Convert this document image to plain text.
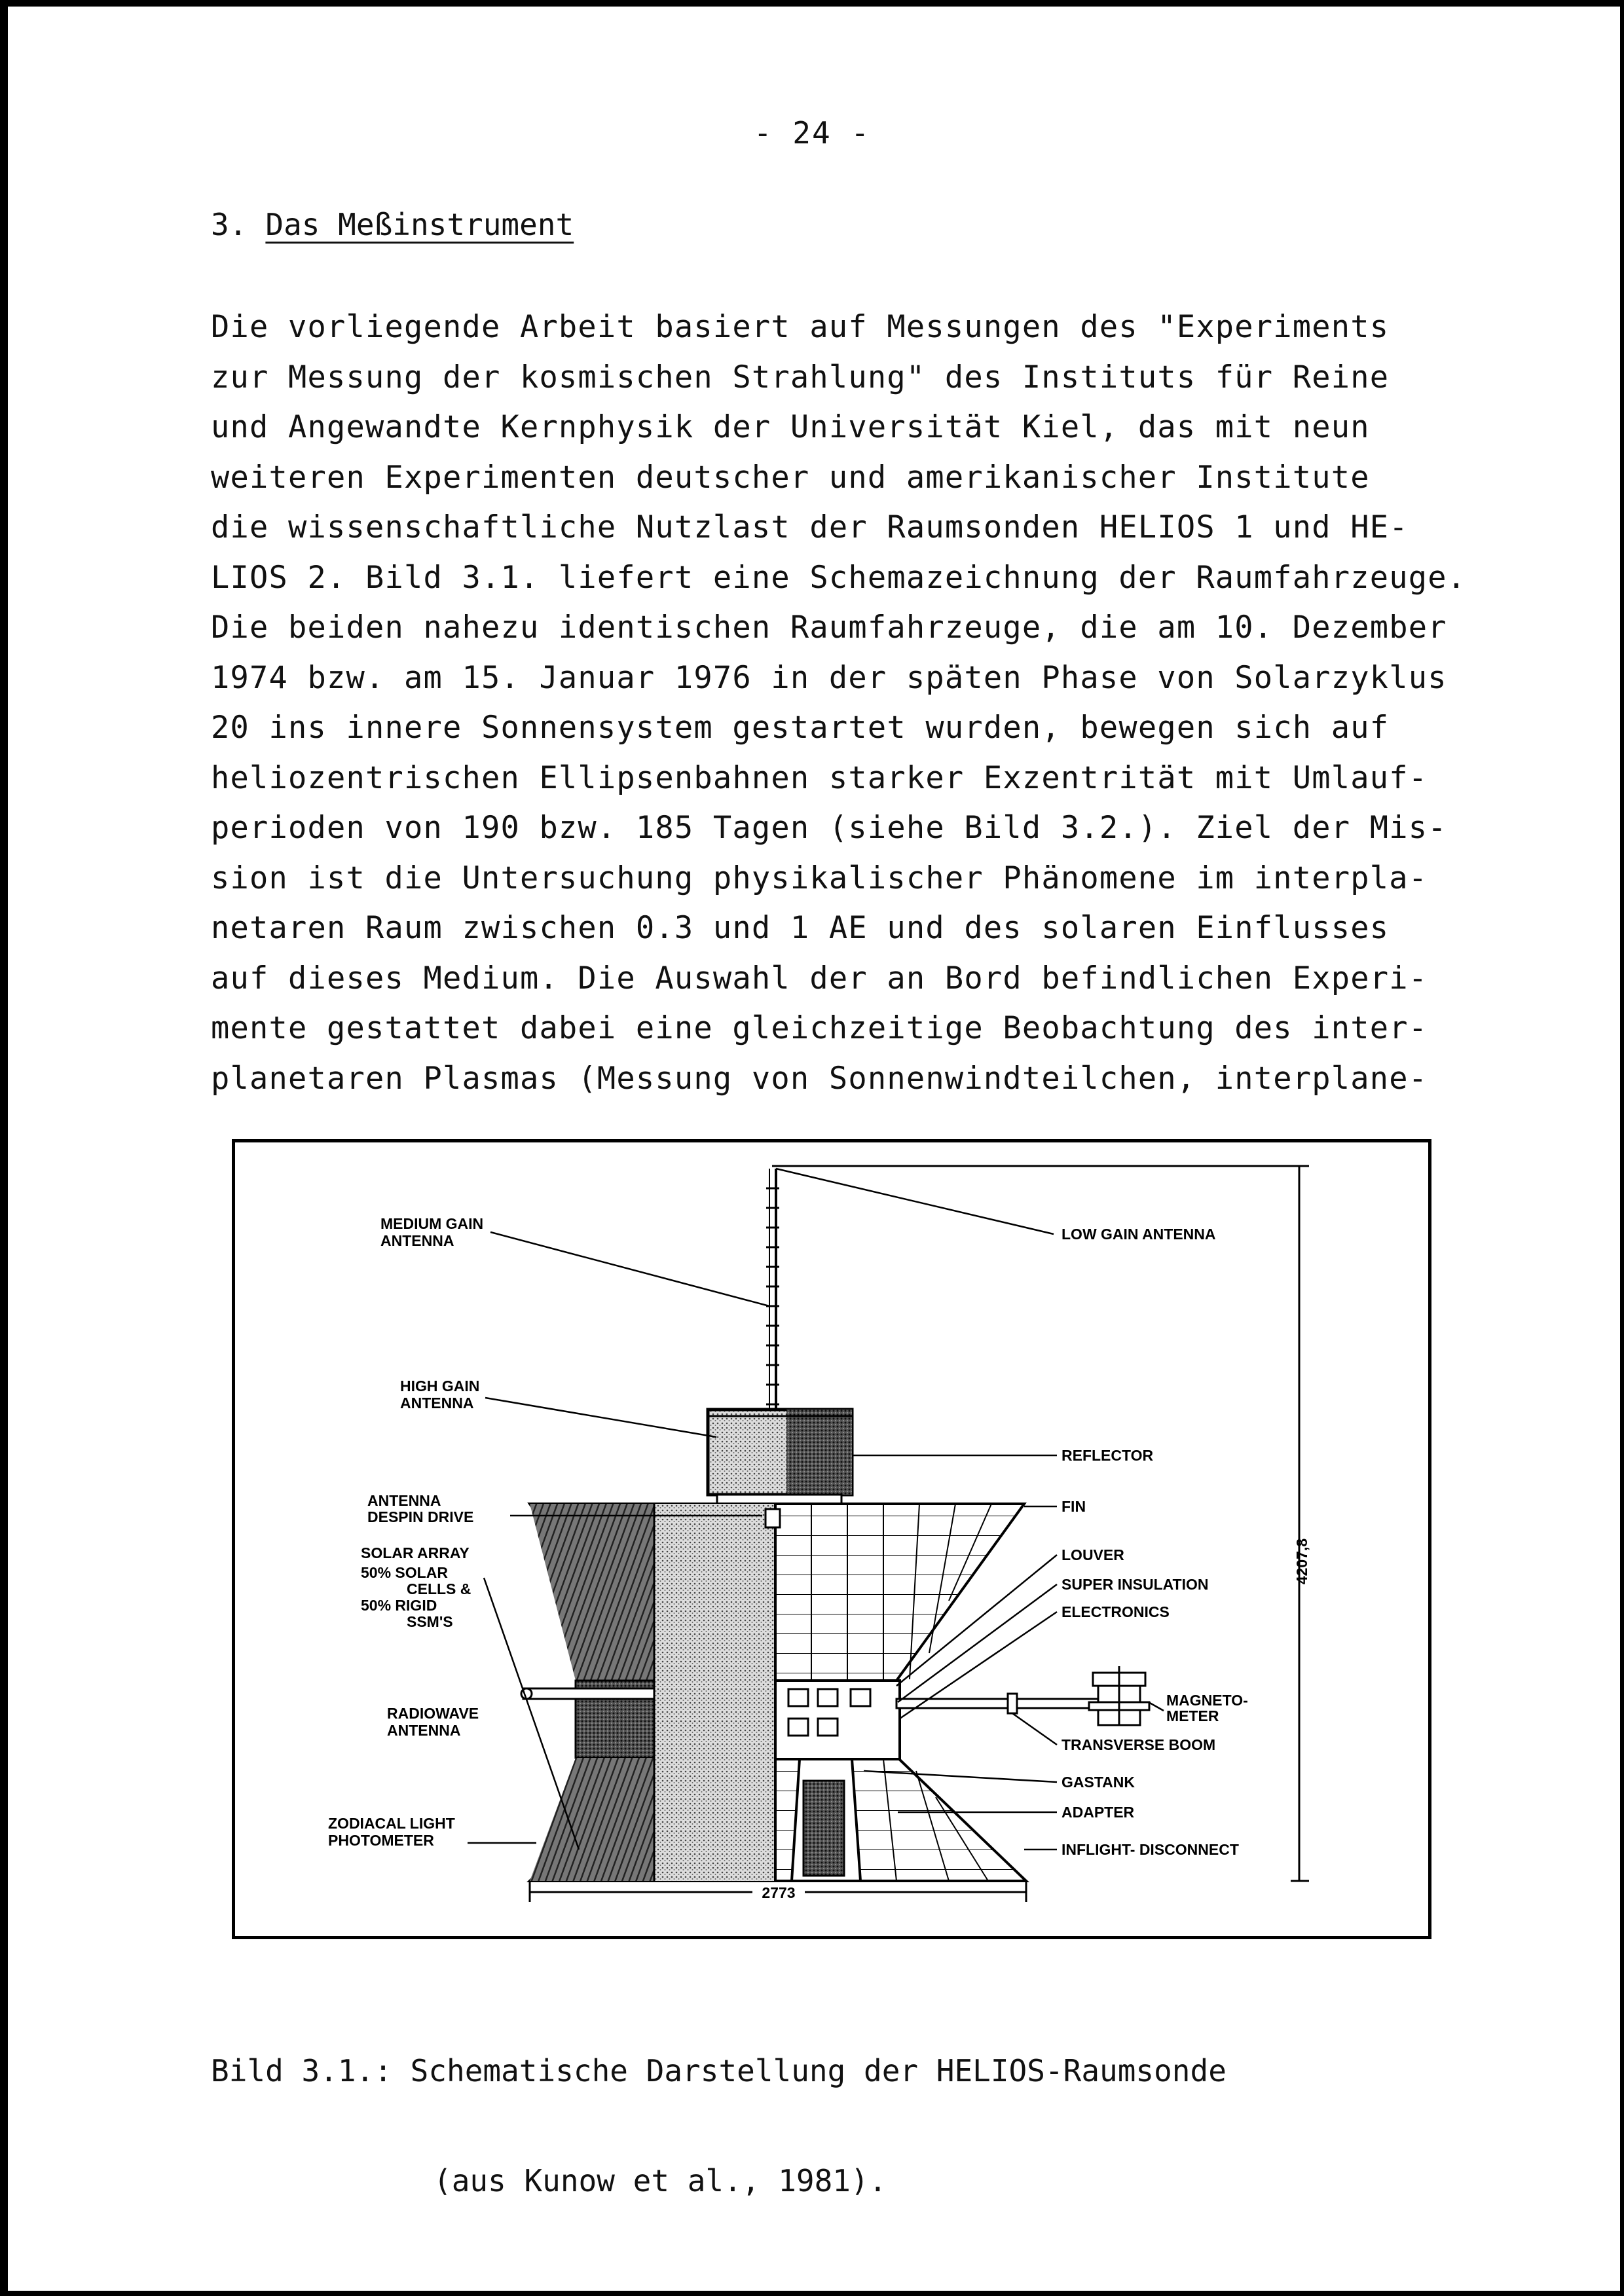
- 24 -
3. Das Meßinstrument
Die vorliegende Arbeit basiert auf Messungen des "Experiments
zur Messung der kosmischen Strahlung" des Instituts für Reine
und Angewandte Kernphysik der Universität Kiel, das mit neun
weiteren Experimenten deutscher und amerikanischer Institute
die wissenschaftliche Nutzlast der Raumsonden HELIOS 1 und HE-
LIOS 2. Bild 3.1. liefert eine Schemazeichnung der Raumfahrzeuge.
Die beiden nahezu identischen Raumfahrzeuge, die am 10. Dezember
1974 bzw. am 15. Januar 1976 in der späten Phase von Solarzyklus
20 ins innere Sonnensystem gestartet wurden, bewegen sich auf
heliozentrischen Ellipsenbahnen starker Exzentrität mit Umlauf-
perioden von 190 bzw. 185 Tagen (siehe Bild 3.2.). Ziel der Mis-
sion ist die Untersuchung physikalischer Phänomene im interpla-
netaren Raum zwischen 0.3 und 1 AE und des solaren Einflusses
auf dieses Medium. Die Auswahl der an Bord befindlichen Experi-
mente gestattet dabei eine gleichzeitige Beobachtung des inter-
planetaren Plasmas (Messung von Sonnenwindteilchen, interplane-
4207,8
2773
MEDIUM GAIN
ANTENNA	LOW GAIN ANTENNA
HIGH GAIN
ANTENNA
REFLECTOR
ANTENNA
DESPIN DRIVE
FIN
SOLAR ARRAY
50% SOLAR
CELLS &
50% RIGID
SSM'S
LOUVER
SUPER INSULATION
ELECTRONICS
MAGNETO-
METER
RADIOWAVE
ANTENNA
TRANSVERSE BOOM
GASTANK
ADAPTER
ZODIACAL LIGHT
PHOTOMETER
INFLIGHT- DISCONNECT

Bild 3.1.: Schematische Darstellung der HELIOS-Raumsonde

(aus Kunow et al., 1981).
